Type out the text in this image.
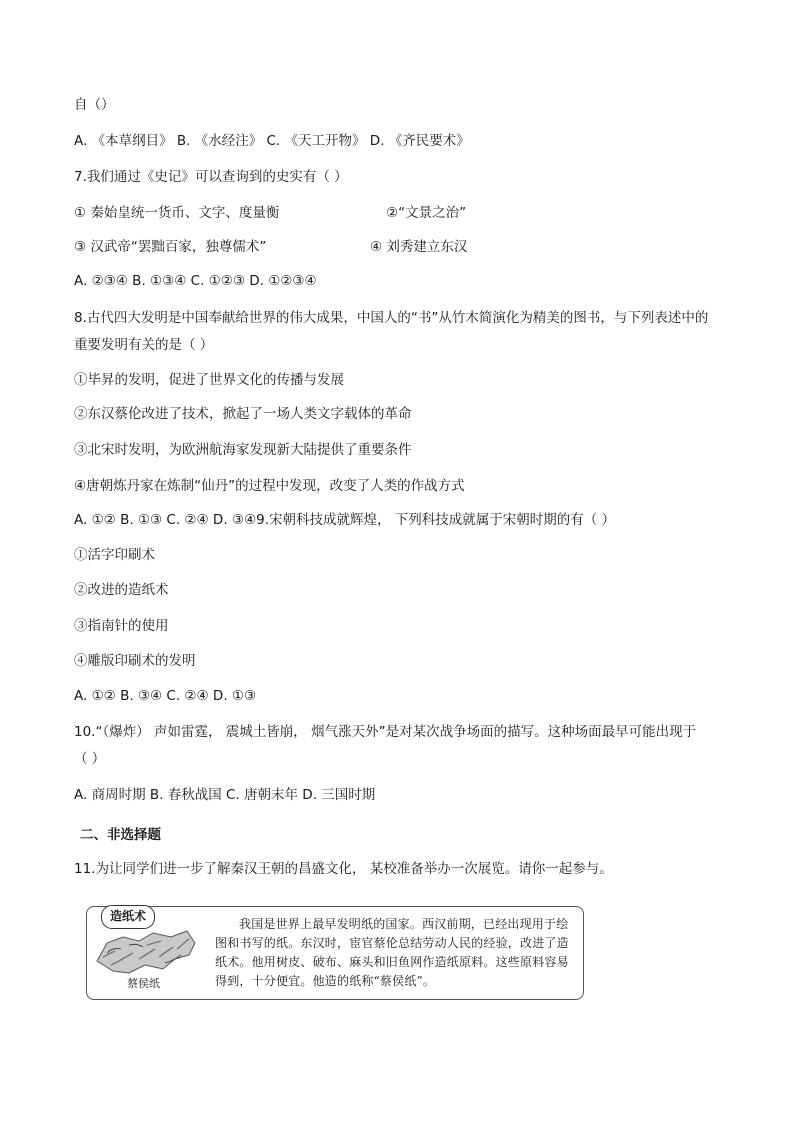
自（）
A. 《本草纲目》 B. 《水经注》 C. 《天工开物》 D. 《齐民要术》
7.我们通过《史记》可以查询到的史实有（ ）
① 秦始皇统一货币、文字、度量衡	②“文景之治”
③ 汉武帝“罢黜百家，独尊儒术”	④ 刘秀建立东汉
A. ②③④ B. ①③④ C. ①②③ D. ①②③④
8.古代四大发明是中国奉献给世界的伟大成果，中国人的“书”从竹木简演化为精美的图书，与下列表述中的
重要发明有关的是（ ）
①毕昇的发明，促进了世界文化的传播与发展
②东汉蔡伦改进了技术，掀起了一场人类文字载体的革命
③北宋时发明，为欧洲航海家发现新大陆提供了重要条件
④唐朝炼丹家在炼制“仙丹”的过程中发现，改变了人类的作战方式
A. ①② B. ①③ C. ②④ D. ③④9.宋朝科技成就辉煌， 下列科技成就属于宋朝时期的有（ ）
①活字印刷术
②改进的造纸术
③指南针的使用
④雕版印刷术的发明
A. ①② B. ③④ C. ②④ D. ①③
10.“（爆炸） 声如雷霆， 震城土皆崩， 烟气涨天外”是对某次战争场面的描写。这种场面最早可能出现于
（ ）
A. 商周时期 B. 春秋战国 C. 唐朝末年 D. 三国时期
二、非选择题
11.为让同学们进一步了解秦汉王朝的昌盛文化， 某校准备举办一次展览。请你一起参与。
造纸术
蔡侯纸
我国是世界上最早发明纸的国家。西汉前期，已经出现用于绘图和书写的纸。东汉时，宦官蔡伦总结劳动人民的经验，改进了造纸术。他用树皮、破布、麻头和旧鱼网作造纸原料。这些原料容易得到，十分便宜。他造的纸称“蔡侯纸”。
